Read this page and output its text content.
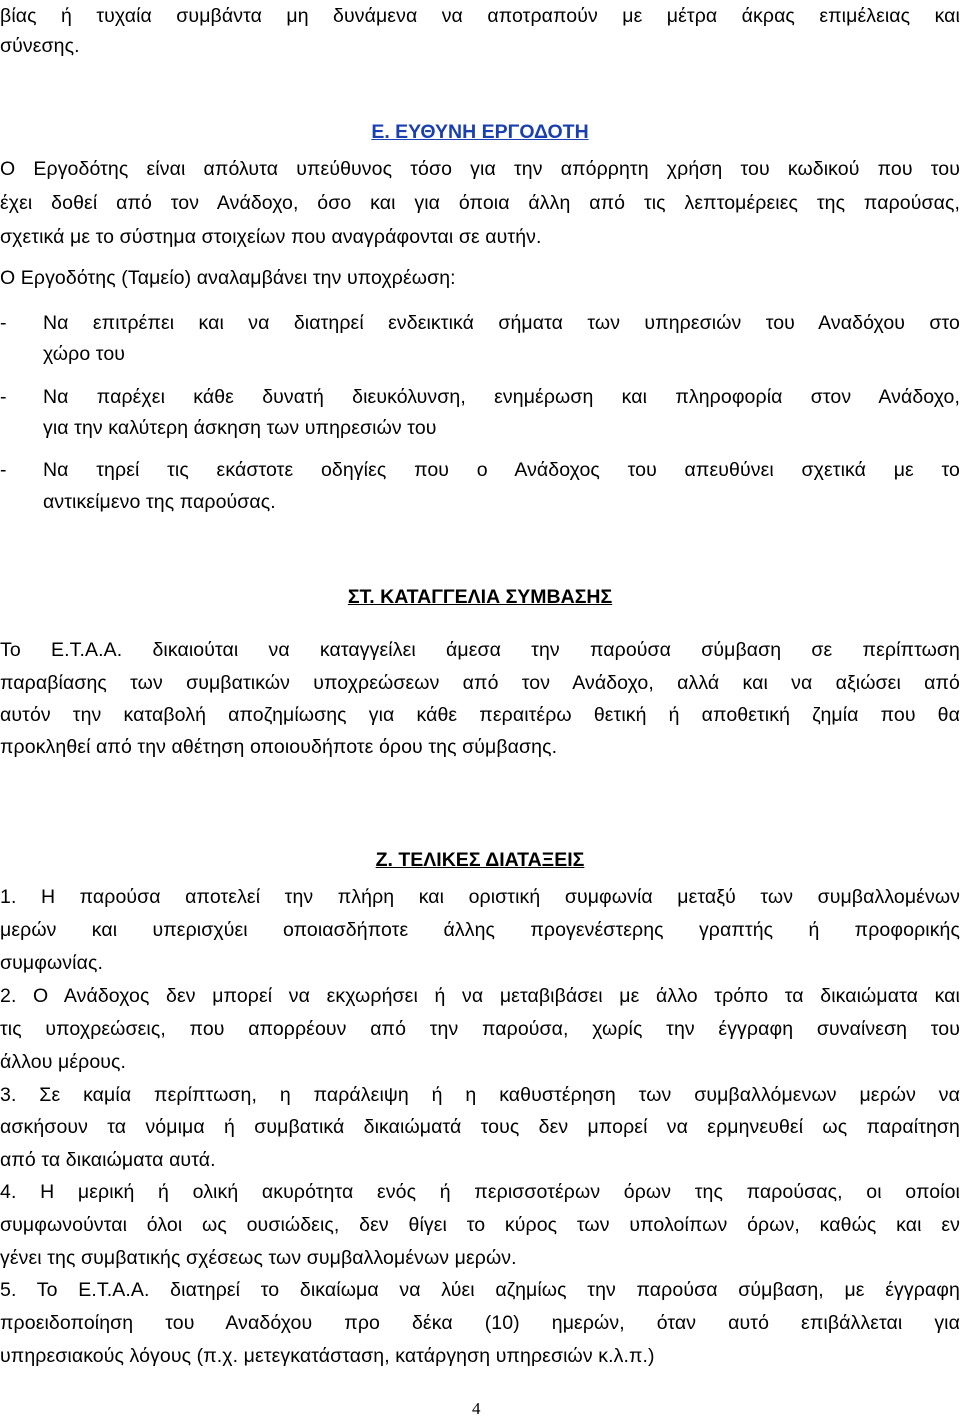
βίας ή τυχαία συμβάντα μη δυνάμενα να αποτραπούν με μέτρα άκρας επιμέλειας και
σύνεσης.
Ε. ΕΥΘΥΝΗ ΕΡΓΟΔΟΤΗ
Ο Εργοδότης είναι απόλυτα υπεύθυνος τόσο για την απόρρητη χρήση του κωδικού που του
έχει δοθεί από τον Ανάδοχο, όσο και για όποια άλλη από τις λεπτομέρειες της παρούσας,
σχετικά με το σύστημα στοιχείων που αναγράφονται σε αυτήν.
Ο Εργοδότης (Ταμείο) αναλαμβάνει την υποχρέωση:
- Να επιτρέπει και να διατηρεί ενδεικτικά σήματα των υπηρεσιών του Αναδόχου στο
χώρο του
- Να παρέχει κάθε δυνατή διευκόλυνση, ενημέρωση και πληροφορία στον Ανάδοχο,
για την καλύτερη άσκηση των υπηρεσιών του
- Να τηρεί τις εκάστοτε οδηγίες που ο Ανάδοχος του απευθύνει σχετικά με το
αντικείμενο της παρούσας.
ΣΤ. ΚΑΤΑΓΓΕΛΙΑ ΣΥΜΒΑΣΗΣ
Το Ε.Τ.Α.Α. δικαιούται να καταγγείλει άμεσα την παρούσα σύμβαση σε περίπτωση
παραβίασης των συμβατικών υποχρεώσεων από τον Ανάδοχο, αλλά και να αξιώσει από
αυτόν την καταβολή αποζημίωσης για κάθε περαιτέρω θετική ή αποθετική ζημία που θα
προκληθεί από την αθέτηση οποιουδήποτε όρου της σύμβασης.
Ζ. ΤΕΛΙΚΕΣ ΔΙΑΤΑΞΕΙΣ
1. Η παρούσα αποτελεί την πλήρη και οριστική συμφωνία μεταξύ των συμβαλλομένων
μερών και υπερισχύει οποιασδήποτε άλλης προγενέστερης γραπτής ή προφορικής
συμφωνίας.
2. Ο Ανάδοχος δεν μπορεί να εκχωρήσει ή να μεταβιβάσει με άλλο τρόπο τα δικαιώματα και
τις υποχρεώσεις, που απορρέουν από την παρούσα, χωρίς την έγγραφη συναίνεση του
άλλου μέρους.
3. Σε καμία περίπτωση, η παράλειψη ή η καθυστέρηση των συμβαλλόμενων μερών να
ασκήσουν τα νόμιμα ή συμβατικά δικαιώματά τους δεν μπορεί να ερμηνευθεί ως παραίτηση
από τα δικαιώματα αυτά.
4. Η μερική ή ολική ακυρότητα ενός ή περισσοτέρων όρων της παρούσας, οι οποίοι
συμφωνούνται όλοι ως ουσιώδεις, δεν θίγει το κύρος των υπολοίπων όρων, καθώς και εν
γένει της συμβατικής σχέσεως των συμβαλλομένων μερών.
5. Το Ε.Τ.Α.Α. διατηρεί το δικαίωμα να λύει αζημίως την παρούσα σύμβαση, με έγγραφη
προειδοποίηση του Αναδόχου προ δέκα (10) ημερών, όταν αυτό επιβάλλεται για
υπηρεσιακούς λόγους (π.χ. μετεγκατάσταση, κατάργηση υπηρεσιών κ.λ.π.)
4
